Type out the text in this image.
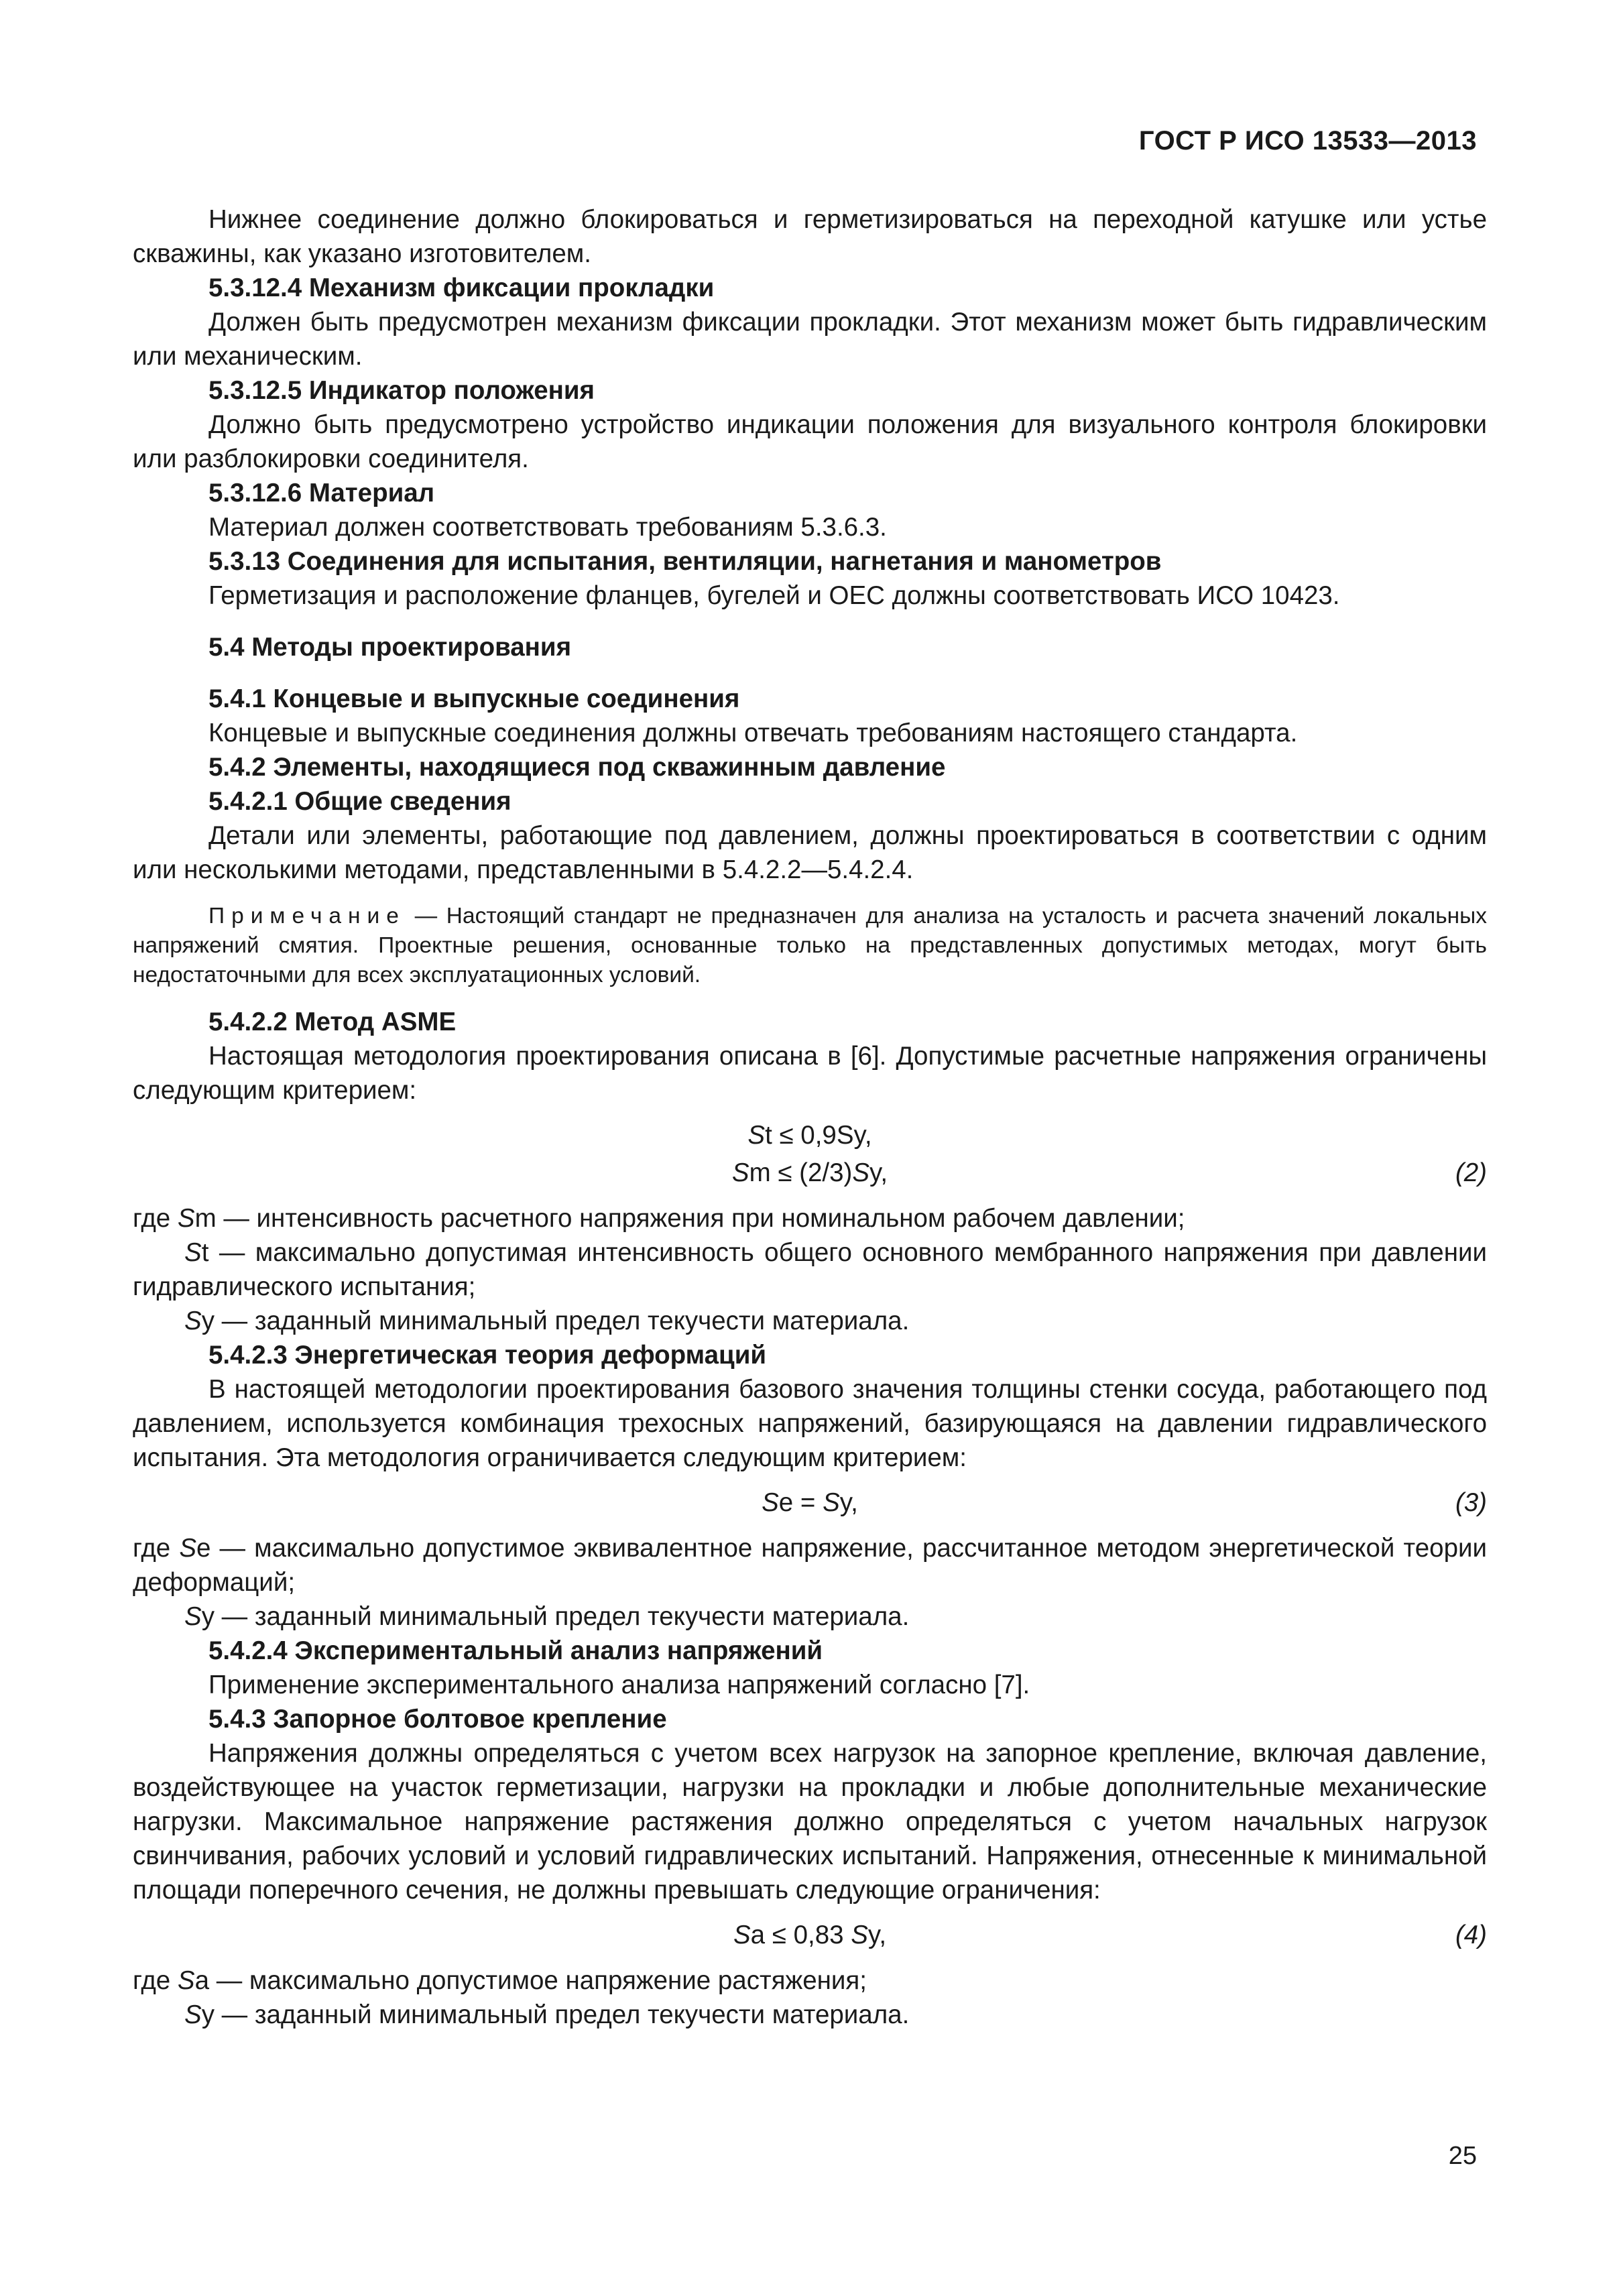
ГОСТ Р ИСО 13533—2013

Нижнее соединение должно блокироваться и герметизироваться на переходной катушке или устье скважины, как указано изготовителем.

5.3.12.4 Механизм фиксации прокладки

Должен быть предусмотрен механизм фиксации прокладки. Этот механизм может быть гидравлическим или механическим.

5.3.12.5 Индикатор положения

Должно быть предусмотрено устройство индикации положения для визуального контроля блокировки или разблокировки соединителя.

5.3.12.6 Материал

Материал должен соответствовать требованиям 5.3.6.3.

5.3.13 Соединения для испытания, вентиляции, нагнетания и манометров

Герметизация и расположение фланцев, бугелей и ОЕС должны соответствовать ИСО 10423.

5.4 Методы проектирования

5.4.1 Концевые и выпускные соединения

Концевые и выпускные соединения должны отвечать требованиям настоящего стандарта.

5.4.2 Элементы, находящиеся под скважинным давление

5.4.2.1 Общие сведения

Детали или элементы, работающие под давлением, должны проектироваться в соответствии с одним или несколькими методами, представленными в 5.4.2.2—5.4.2.4.

Примечание — Настоящий стандарт не предназначен для анализа на усталость и расчета значений локальных напряжений смятия. Проектные решения, основанные только на представленных допустимых методах, могут быть недостаточными для всех эксплуатационных условий.

5.4.2.2 Метод ASME

Настоящая методология проектирования описана в [6]. Допустимые расчетные напряжения ограничены следующим критерием:

St ≤ 0,9Sy,
Sm ≤ (2/3)Sy,	(2)

где Sm — интенсивность расчетного напряжения при номинальном рабочем давлении;

St — максимально допустимая интенсивность общего основного мембранного напряжения при давлении гидравлического испытания;

Sy — заданный минимальный предел текучести материала.

5.4.2.3 Энергетическая теория деформаций

В настоящей методологии проектирования базового значения толщины стенки сосуда, работающего под давлением, используется комбинация трехосных напряжений, базирующаяся на давлении гидравлического испытания. Эта методология ограничивается следующим критерием:

Se = Sy,	(3)

где Se — максимально допустимое эквивалентное напряжение, рассчитанное методом энергетической теории деформаций;

Sy — заданный минимальный предел текучести материала.

5.4.2.4 Экспериментальный анализ напряжений

Применение экспериментального анализа напряжений согласно [7].

5.4.3 Запорное болтовое крепление

Напряжения должны определяться с учетом всех нагрузок на запорное крепление, включая давление, воздействующее на участок герметизации, нагрузки на прокладки и любые дополнительные механические нагрузки. Максимальное напряжение растяжения должно определяться с учетом начальных нагрузок свинчивания, рабочих условий и условий гидравлических испытаний. Напряжения, отнесенные к минимальной площади поперечного сечения, не должны превышать следующие ограничения:

Sa ≤ 0,83 Sy,	(4)

где Sa — максимально допустимое напряжение растяжения;

Sy — заданный минимальный предел текучести материала.

25
